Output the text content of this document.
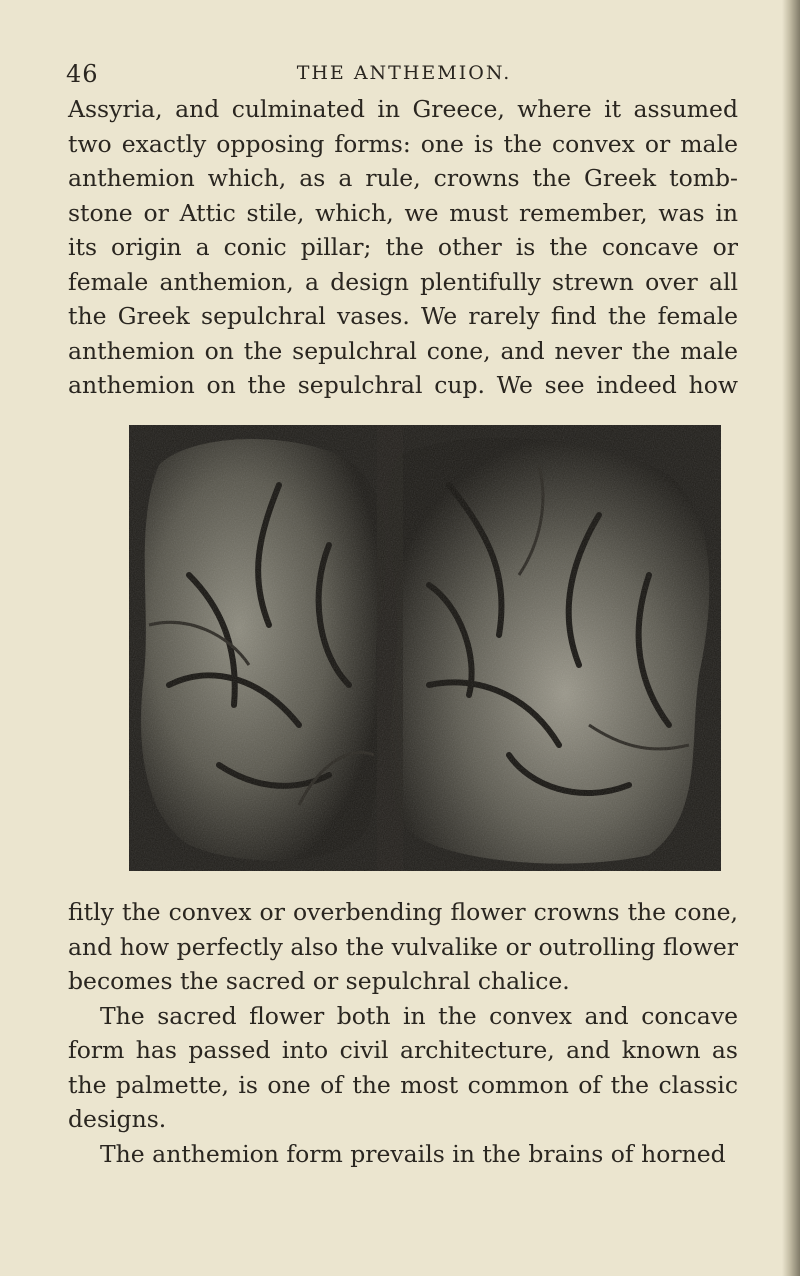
46	THE ANTHEMION.

Assyria, and culminated in Greece, where it assumed two exactly opposing forms: one is the convex or male anthemion which, as a rule, crowns the Greek tomb-stone or Attic stile, which, we must remember, was in its origin a conic pillar; the other is the concave or female anthemion, a design plentifully strewn over all the Greek sepulchral vases. We rarely find the female anthemion on the sepulchral cone, and never the male anthemion on the sepulchral cup. We see indeed how

fitly the convex or overbending flower crowns the cone, and how perfectly also the vulvalike or outrolling flower becomes the sacred or sepulchral chalice.

The sacred flower both in the convex and concave form has passed into civil architecture, and known as the palmette, is one of the most common of the classic designs.

The anthemion form prevails in the brains of horned
